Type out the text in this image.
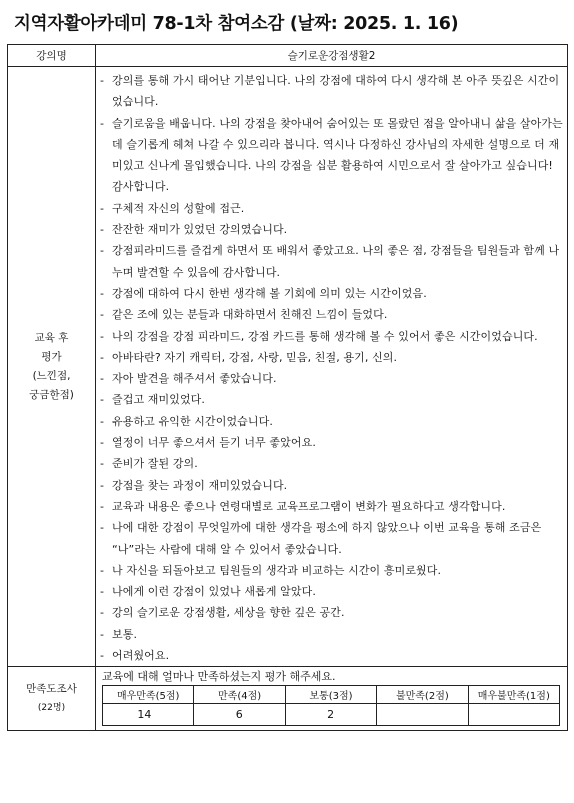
지역자활아카데미 78-1차 참여소감 (날짜: 2025. 1. 16)
강의명	슬기로운강점생활2

교육 후
평가
(느낀점,
궁금한점)

- 강의를 통해 가시 태어난 기분입니다. 나의 강점에 대하여 다시 생각해 본 아주 뜻깊은 시간이었습니다.
- 슬기로움을 배웁니다. 나의 강점을 찾아내어 숨어있는 또 몰랐던 점을 알아내니 삶을 살아가는데 슬기롭게 헤쳐 나갈 수 있으리라 봅니다. 역시나 다정하신 강사님의 자세한 설명으로 더 재미있고 신나게 몰입했습니다. 나의 강점을 십분 활용하여 시민으로서 잘 살아가고 싶습니다! 감사합니다.
- 구체적 자신의 성할에 접근.
- 잔잔한 재미가 있었던 강의였습니다.
- 강점피라미드를 즐겁게 하면서 또 배워서 좋았고요. 나의 좋은 점, 강점들을 팀원들과 함께 나누며 발견할 수 있음에 감사합니다.
- 강점에 대하여 다시 한번 생각해 볼 기회에 의미 있는 시간이었음.
- 같은 조에 있는 분들과 대화하면서 친해진 느낌이 들었다.
- 나의 강점을 강점 피라미드, 강점 카드를 통해 생각해 볼 수 있어서 좋은 시간이었습니다.
- 아바타란? 자기 캐릭터, 강점, 사랑, 믿음, 친절, 용기, 신의.
- 자아 발견을 해주셔서 좋았습니다.
- 즐겁고 재미있었다.
- 유용하고 유익한 시간이었습니다.
- 열정이 너무 좋으셔서 듣기 너무 좋았어요.
- 준비가 잘된 강의.
- 강점을 찾는 과정이 재미있었습니다.
- 교육과 내용은 좋으나 연령대별로 교육프로그램이 변화가 필요하다고 생각합니다.
- 나에 대한 강점이 무엇일까에 대한 생각을 평소에 하지 않았으나 이번 교육을 통해 조금은 “나”라는 사람에 대해 알 수 있어서 좋았습니다.
- 나 자신을 되돌아보고 팀원들의 생각과 비교하는 시간이 흥미로웠다.
- 나에게 이런 강점이 있었나 새롭게 알았다.
- 강의 슬기로운 강점생활, 세상을 향한 깊은 공간.
- 보통.
- 어려웠어요.

만족도조사
(22명)

교육에 대해 얼마나 만족하셨는지 평가 해주세요.
매우만족(5점)	만족(4점)	보통(3점)	불만족(2점)	매우불만족(1점)
14	6	2		
